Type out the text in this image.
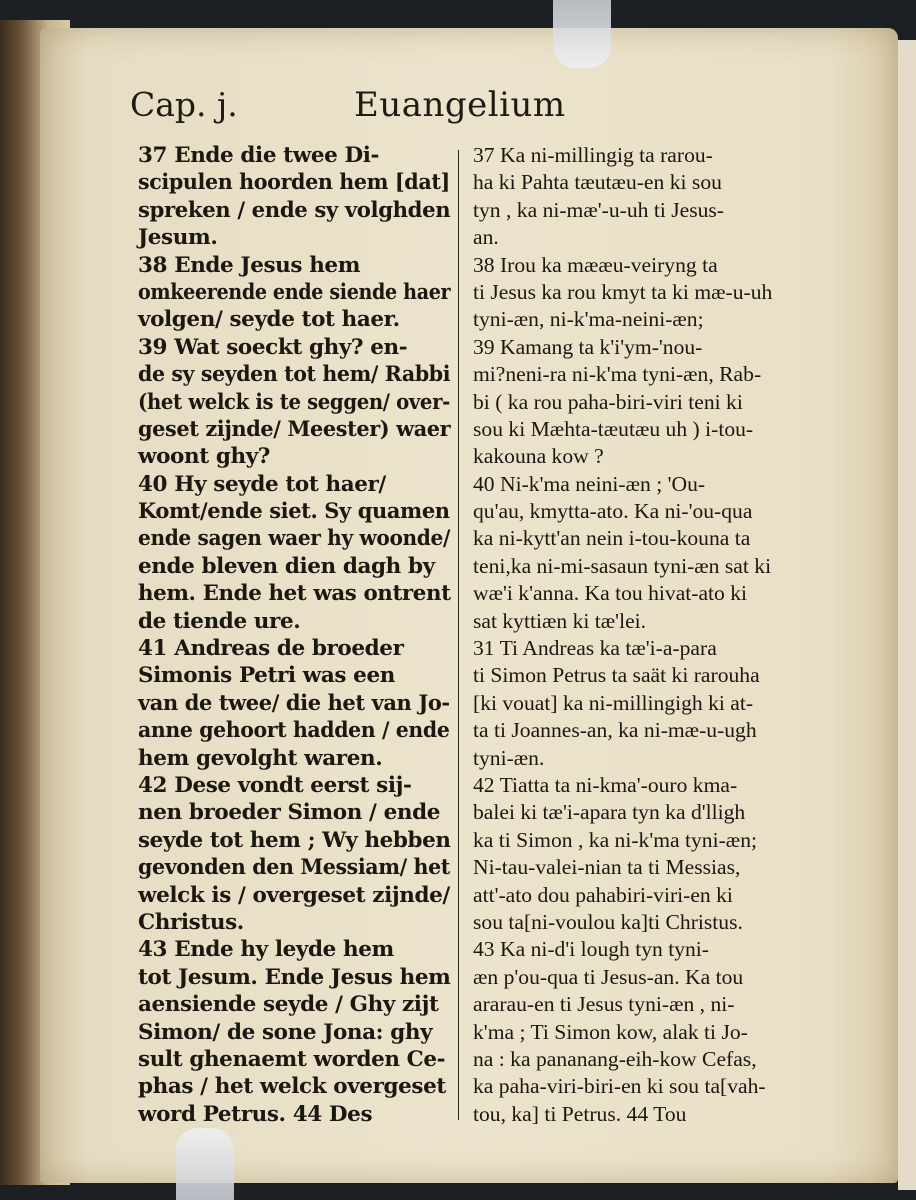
Cap. j.	Euangelium
37 Ende die twee Di-
scipulen hoorden hem [dat]
spreken / ende sy volghden
Jesum.
38 Ende Jesus hem
omkeerende ende siende haer
volgen/ seyde tot haer.
39 Wat soeckt ghy? en-
de sy seyden tot hem/ Rabbi
(het welck is te seggen/ over-
geset zijnde/ Meester) waer
woont ghy?
40 Hy seyde tot haer/
Komt/ende siet. Sy quamen
ende sagen waer hy woonde/
ende bleven dien dagh by
hem. Ende het was ontrent
de tiende ure.
41 Andreas de broeder
Simonis Petri was een
van de twee/ die het van Jo-
anne gehoort hadden / ende
hem gevolght waren.
42 Dese vondt eerst sij-
nen broeder Simon / ende
seyde tot hem ; Wy hebben
gevonden den Messiam/ het
welck is / overgeset zijnde/
Christus.
43 Ende hy leyde hem
tot Jesum. Ende Jesus hem
aensiende seyde / Ghy zijt
Simon/ de sone Jona: ghy
sult ghenaemt worden Ce-
phas / het welck overgeset
word Petrus. 44 Des
37 Ka ni-millingig ta rarou-
ha ki Pahta tæutæu-en ki sou
tyn , ka ni-mæ'-u-uh ti Jesus-
an.
38 Irou ka mææu-veiryng ta
ti Jesus ka rou kmyt ta ki mæ-u-uh
tyni-æn, ni-k'ma-neini-æn;
39 Kamang ta k'i'ym-'nou-
mi?neni-ra ni-k'ma tyni-æn, Rab-
bi ( ka rou paha-biri-viri teni ki
sou ki Mæhta-tæutæu uh ) i-tou-
kakouna kow ?
40 Ni-k'ma neini-æn ; 'Ou-
qu'au, kmytta-ato. Ka ni-'ou-qua
ka ni-kytt'an nein i-tou-kouna ta
teni,ka ni-mi-sasaun tyni-æn sat ki
wæ'i k'anna. Ka tou hivat-ato ki
sat kyttiæn ki tæ'lei.
31 Ti Andreas ka tæ'i-a-para
ti Simon Petrus ta saät ki rarouha
[ki vouat] ka ni-millingigh ki at-
ta ti Joannes-an, ka ni-mæ-u-ugh
tyni-æn.
42 Tiatta ta ni-kma'-ouro kma-
balei ki tæ'i-apara tyn ka d'lligh
ka ti Simon , ka ni-k'ma tyni-æn;
Ni-tau-valei-nian ta ti Messias,
att'-ato dou pahabiri-viri-en ki
sou ta[ni-voulou ka]ti Christus.
43 Ka ni-d'i lough tyn tyni-
æn p'ou-qua ti Jesus-an. Ka tou
ararau-en ti Jesus tyni-æn , ni-
k'ma ; Ti Simon kow, alak ti Jo-
na : ka pananang-eih-kow Cefas,
ka paha-viri-biri-en ki sou ta[vah-
tou, ka] ti Petrus. 44 Tou
